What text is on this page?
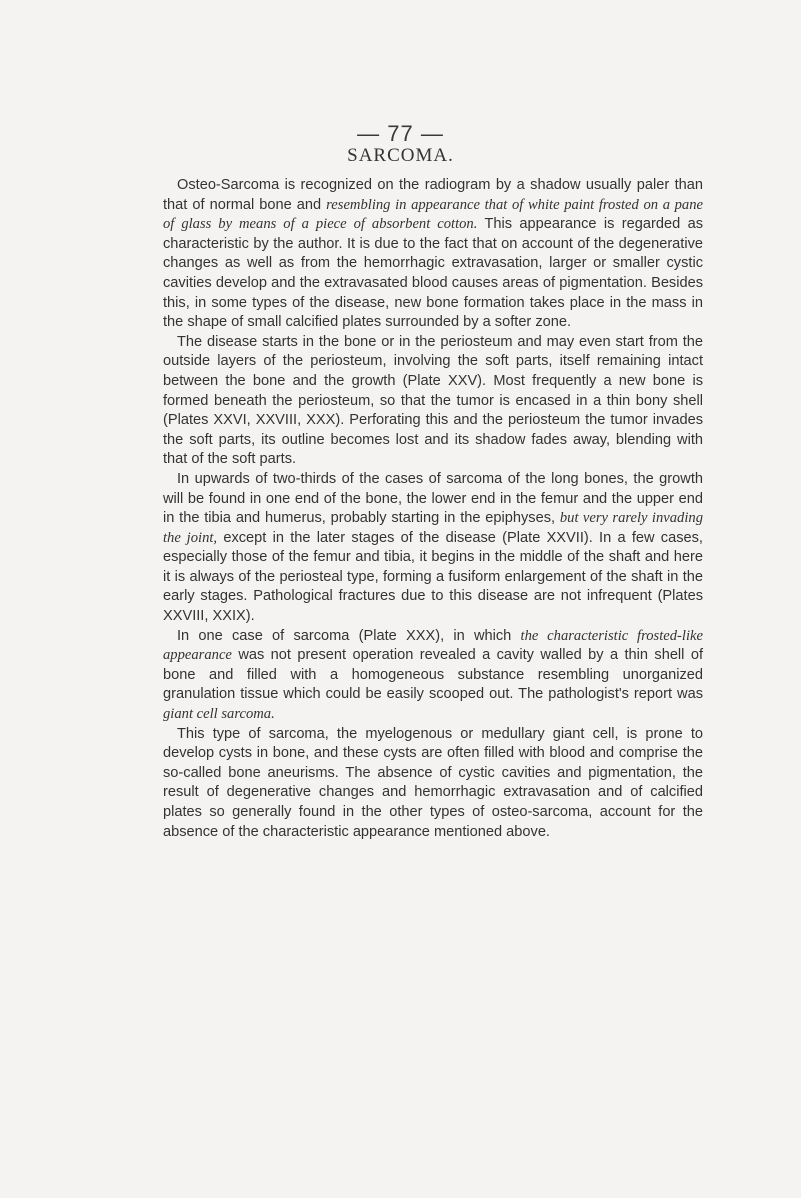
— 77 —
SARCOMA.

Osteo-Sarcoma is recognized on the radiogram by a shadow usually paler than that of normal bone and resembling in appearance that of white paint frosted on a pane of glass by means of a piece of absorbent cotton. This appearance is regarded as characteristic by the author. It is due to the fact that on account of the degenerative changes as well as from the hemorrhagic extravasation, larger or smaller cystic cavities develop and the extravasated blood causes areas of pigmentation. Besides this, in some types of the disease, new bone formation takes place in the mass in the shape of small calcified plates surrounded by a softer zone.

The disease starts in the bone or in the periosteum and may even start from the outside layers of the periosteum, involving the soft parts, itself remaining intact between the bone and the growth (Plate XXV). Most frequently a new bone is formed beneath the periosteum, so that the tumor is encased in a thin bony shell (Plates XXVI, XXVIII, XXX). Perforating this and the periosteum the tumor invades the soft parts, its outline becomes lost and its shadow fades away, blending with that of the soft parts.

In upwards of two-thirds of the cases of sarcoma of the long bones, the growth will be found in one end of the bone, the lower end in the femur and the upper end in the tibia and humerus, probably starting in the epiphyses, but very rarely invading the joint, except in the later stages of the disease (Plate XXVII). In a few cases, especially those of the femur and tibia, it begins in the middle of the shaft and here it is always of the periosteal type, forming a fusiform enlargement of the shaft in the early stages. Pathological fractures due to this disease are not infrequent (Plates XXVIII, XXIX).

In one case of sarcoma (Plate XXX), in which the characteristic frosted-like appearance was not present operation revealed a cavity walled by a thin shell of bone and filled with a homogeneous substance resembling unorganized granulation tissue which could be easily scooped out. The pathologist's report was giant cell sarcoma.

This type of sarcoma, the myelogenous or medullary giant cell, is prone to develop cysts in bone, and these cysts are often filled with blood and comprise the so-called bone aneurisms. The absence of cystic cavities and pigmentation, the result of degenerative changes and hemorrhagic extravasation and of calcified plates so generally found in the other types of osteo-sarcoma, account for the absence of the characteristic appearance mentioned above.
